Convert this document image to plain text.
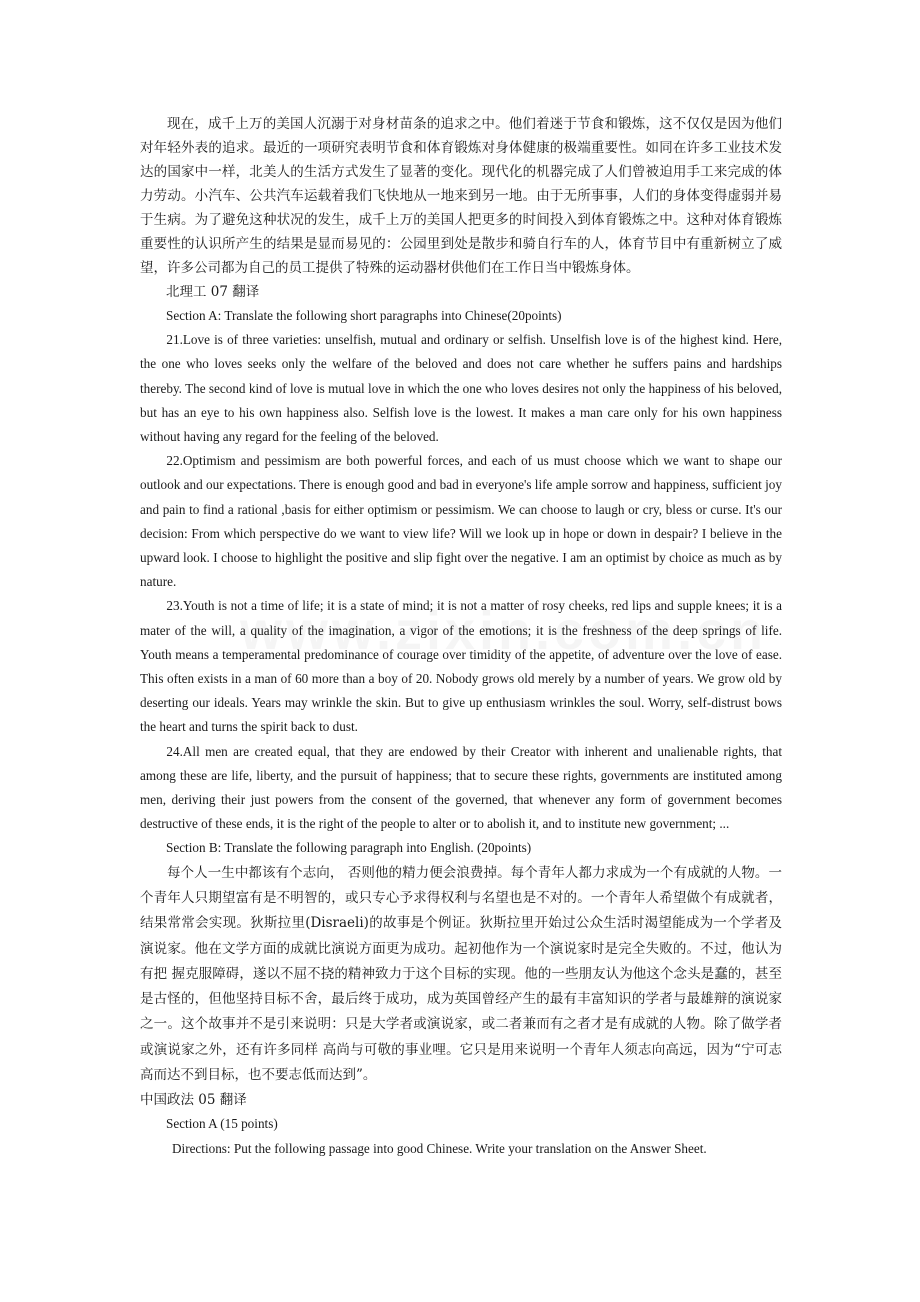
现在，成千上万的美国人沉溺于对身材苗条的追求之中。他们着迷于节食和锻炼，这不仅仅是因为他们对年轻外表的追求。最近的一项研究表明节食和体育锻炼对身体健康的极端重要性。如同在许多工业技术发达的国家中一样，北美人的生活方式发生了显著的变化。现代化的机器完成了人们曾被迫用手工来完成的体力劳动。小汽车、公共汽车运载着我们飞快地从一地来到另一地。由于无所事事，人们的身体变得虚弱并易于生病。为了避免这种状况的发生，成千上万的美国人把更多的时间投入到体育锻炼之中。这种对体育锻炼重要性的认识所产生的结果是显而易见的：公园里到处是散步和骑自行车的人，体育节目中有重新树立了威望，许多公司都为自己的员工提供了特殊的运动器材供他们在工作日当中锻炼身体。

北理工 07 翻译

Section A: Translate the following short paragraphs into Chinese(20points)

21.Love is of three varieties: unselfish, mutual and ordinary or selfish. Unselfish love is of the highest kind. Here, the one who loves seeks only the welfare of the beloved and does not care whether he suffers pains and hardships thereby. The second kind of love is mutual love in which the one who loves desires not only the happiness of his beloved, but has an eye to his own happiness also. Selfish love is the lowest. It makes a man care only for his own happiness without having any regard for the feeling of the beloved.

22.Optimism and pessimism are both powerful forces, and each of us must choose which we want to shape our outlook and our expectations. There is enough good and bad in everyone's life ample sorrow and happiness, sufficient joy and pain to find a rational ,basis for either optimism or pessimism. We can choose to laugh or cry, bless or curse. It's our decision: From which perspective do we want to view life? Will we look up in hope or down in despair? I believe in the upward look. I choose to highlight the positive and slip fight over the negative. I am an optimist by choice as much as by nature.

23.Youth is not a time of life; it is a state of mind; it is not a matter of rosy cheeks, red lips and supple knees; it is a mater of the will, a quality of the imagination, a vigor of the emotions; it is the freshness of the deep springs of life. Youth means a temperamental predominance of courage over timidity of the appetite, of adventure over the love of ease. This often exists in a man of 60 more than a boy of 20. Nobody grows old merely by a number of years. We grow old by deserting our ideals. Years may wrinkle the skin. But to give up enthusiasm wrinkles the soul. Worry, self-distrust bows the heart and turns the spirit back to dust.

24.All men are created equal, that they are endowed by their Creator with inherent and unalienable rights, that among these are life, liberty, and the pursuit of happiness; that to secure these rights, governments are instituted among men, deriving their just powers from the consent of the governed, that whenever any form of government becomes destructive of these ends, it is the right of the people to alter or to abolish it, and to institute new government; ...

Section B: Translate the following paragraph into English. (20points)

每个人一生中都该有个志向， 否则他的精力便会浪费掉。每个青年人都力求成为一个有成就的人物。一个青年人只期望富有是不明智的，或只专心予求得权利与名望也是不对的。一个青年人希望做个有成就者，结果常常会实现。狄斯拉里(Disraeli)的故事是个例证。狄斯拉里开始过公众生活时渴望能成为一个学者及演说家。他在文学方面的成就比演说方面更为成功。起初他作为一个演说家时是完全失败的。不过，他认为有把 握克服障碍，遂以不屈不挠的精神致力于这个目标的实现。他的一些朋友认为他这个念头是蠢的，甚至是古怪的，但他坚持目标不舍，最后终于成功，成为英国曾经产生的最有丰富知识的学者与最雄辩的演说家之一。这个故事并不是引来说明：只是大学者或演说家，或二者兼而有之者才是有成就的人物。除了做学者或演说家之外，还有许多同样 高尚与可敬的事业哩。它只是用来说明一个青年人须志向高远，因为“宁可志高而达不到目标，也不要志低而达到”。

中国政法 05 翻译

Section A (15 points)

Directions: Put the following passage into good Chinese. Write your translation on the Answer Sheet.
